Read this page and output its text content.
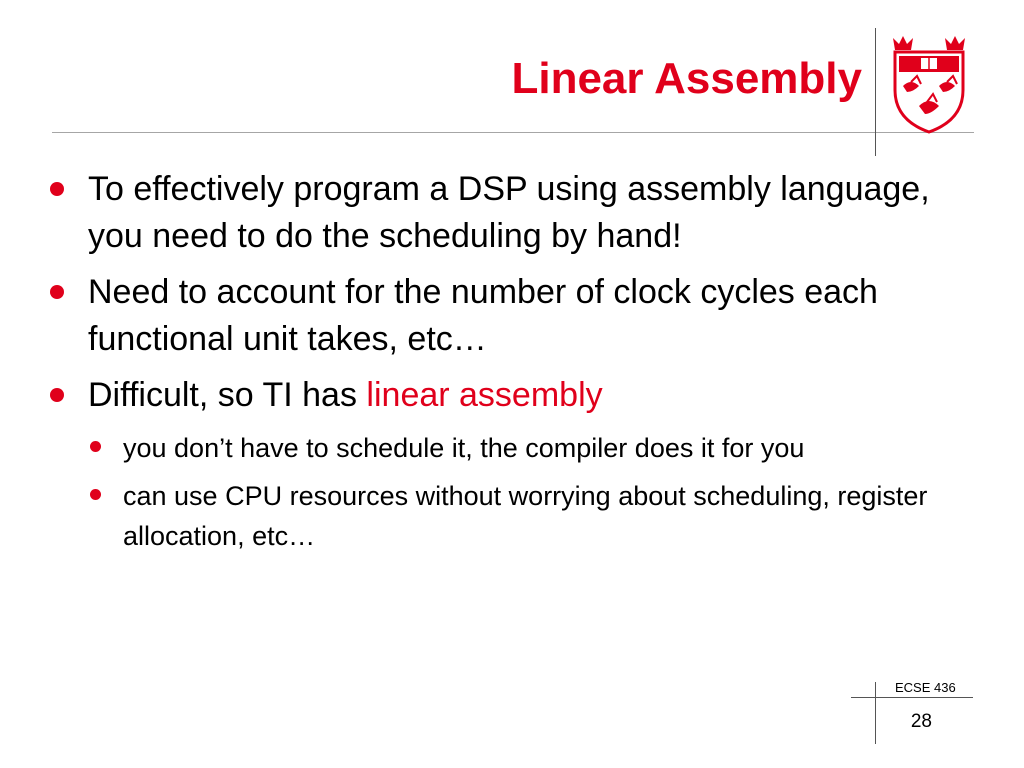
Linear Assembly
To effectively program a DSP using assembly language, you need to do the scheduling by hand!
Need to account for the number of clock cycles each functional unit takes, etc…
Difficult, so TI has linear assembly
you don’t have to schedule it, the compiler does it for you
can use CPU resources without worrying about scheduling, register allocation, etc…
ECSE 436
28
